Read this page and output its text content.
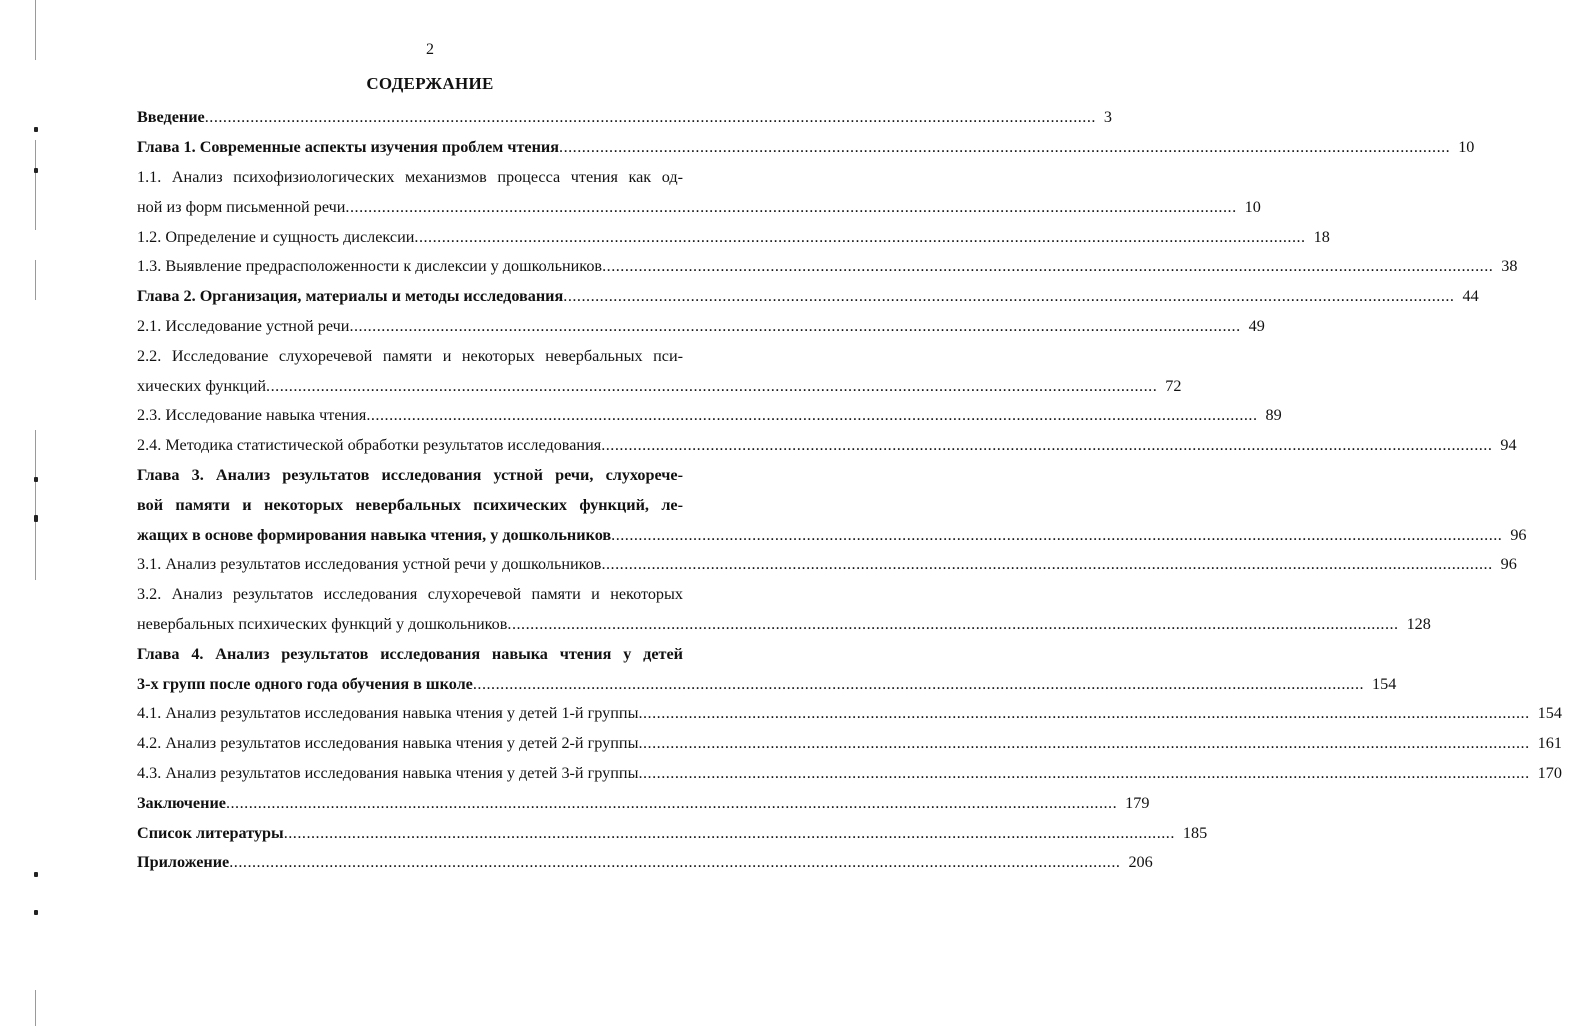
2
СОДЕРЖАНИЕ
Введение .................................................................................................................................................................................................... 3
Глава 1. Современные аспекты изучения проблем чтения .................................................................................................................................................................................................... 10
1.1. Анализ психофизиологических механизмов процесса чтения как од-
ной из форм письменной речи .................................................................................................................................................................................................... 10
1.2. Определение и сущность дислексии .................................................................................................................................................................................................... 18
1.3. Выявление предрасположенности к дислексии у дошкольников .................................................................................................................................................................................................... 38
Глава 2. Организация, материалы и методы исследования .................................................................................................................................................................................................... 44
2.1. Исследование устной речи .................................................................................................................................................................................................... 49
2.2. Исследование слухоречевой памяти и некоторых невербальных пси-
хических функций .................................................................................................................................................................................................... 72
2.3. Исследование навыка чтения .................................................................................................................................................................................................... 89
2.4. Методика статистической обработки результатов исследования .................................................................................................................................................................................................... 94
Глава 3. Анализ результатов исследования устной речи, слухорече-
вой памяти и некоторых невербальных психических функций, ле-
жащих в основе формирования навыка чтения, у дошкольников .................................................................................................................................................................................................... 96
3.1. Анализ результатов исследования устной речи у дошкольников .................................................................................................................................................................................................... 96
3.2. Анализ результатов исследования слухоречевой памяти и некоторых
невербальных психических функций у дошкольников .................................................................................................................................................................................................... 128
Глава 4. Анализ результатов исследования навыка чтения у детей
3-х групп после одного года обучения в школе .................................................................................................................................................................................................... 154
4.1. Анализ результатов исследования навыка чтения у детей 1-й группы .................................................................................................................................................................................................... 154
4.2. Анализ результатов исследования навыка чтения у детей 2-й группы .................................................................................................................................................................................................... 161
4.3. Анализ результатов исследования навыка чтения у детей 3-й группы .................................................................................................................................................................................................... 170
Заключение .................................................................................................................................................................................................... 179
Список литературы .................................................................................................................................................................................................... 185
Приложение .................................................................................................................................................................................................... 206
